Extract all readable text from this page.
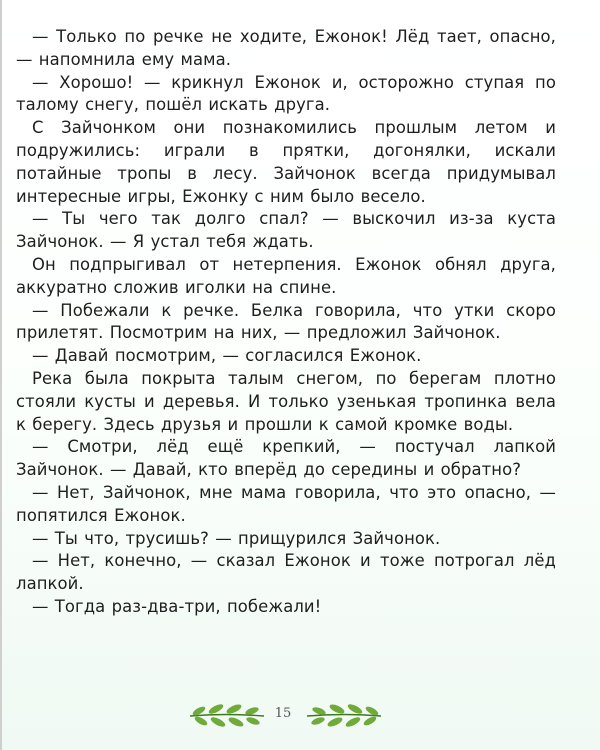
— Только по речке не ходите, Ежонок! Лёд тает, опасно, — напомнила ему мама.

— Хорошо! — крикнул Ежонок и, осторожно ступая по талому снегу, пошёл искать друга.

С Зайчонком они познакомились прошлым летом и подружились: играли в прятки, догонялки, искали потайные тропы в лесу. Зайчонок всегда придумывал интересные игры, Ежонку с ним было весело.

— Ты чего так долго спал? — выскочил из-за куста Зайчонок. — Я устал тебя ждать.

Он подпрыгивал от нетерпения. Ежонок обнял друга, аккуратно сложив иголки на спине.

— Побежали к речке. Белка говорила, что утки скоро прилетят. Посмотрим на них, — предложил Зайчонок.

— Давай посмотрим, — согласился Ежонок.

Река была покрыта талым снегом, по берегам плотно стояли кусты и деревья. И только узенькая тропинка вела к берегу. Здесь друзья и прошли к самой кромке воды.

— Смотри, лёд ещё крепкий, — постучал лапкой Зайчонок. — Давай, кто вперёд до середины и обратно?

— Нет, Зайчонок, мне мама говорила, что это опасно, — попятился Ежонок.

— Ты что, трусишь? — прищурился Зайчонок.

— Нет, конечно, — сказал Ежонок и тоже потрогал лёд лапкой.

— Тогда раз-два-три, побежали!

15
